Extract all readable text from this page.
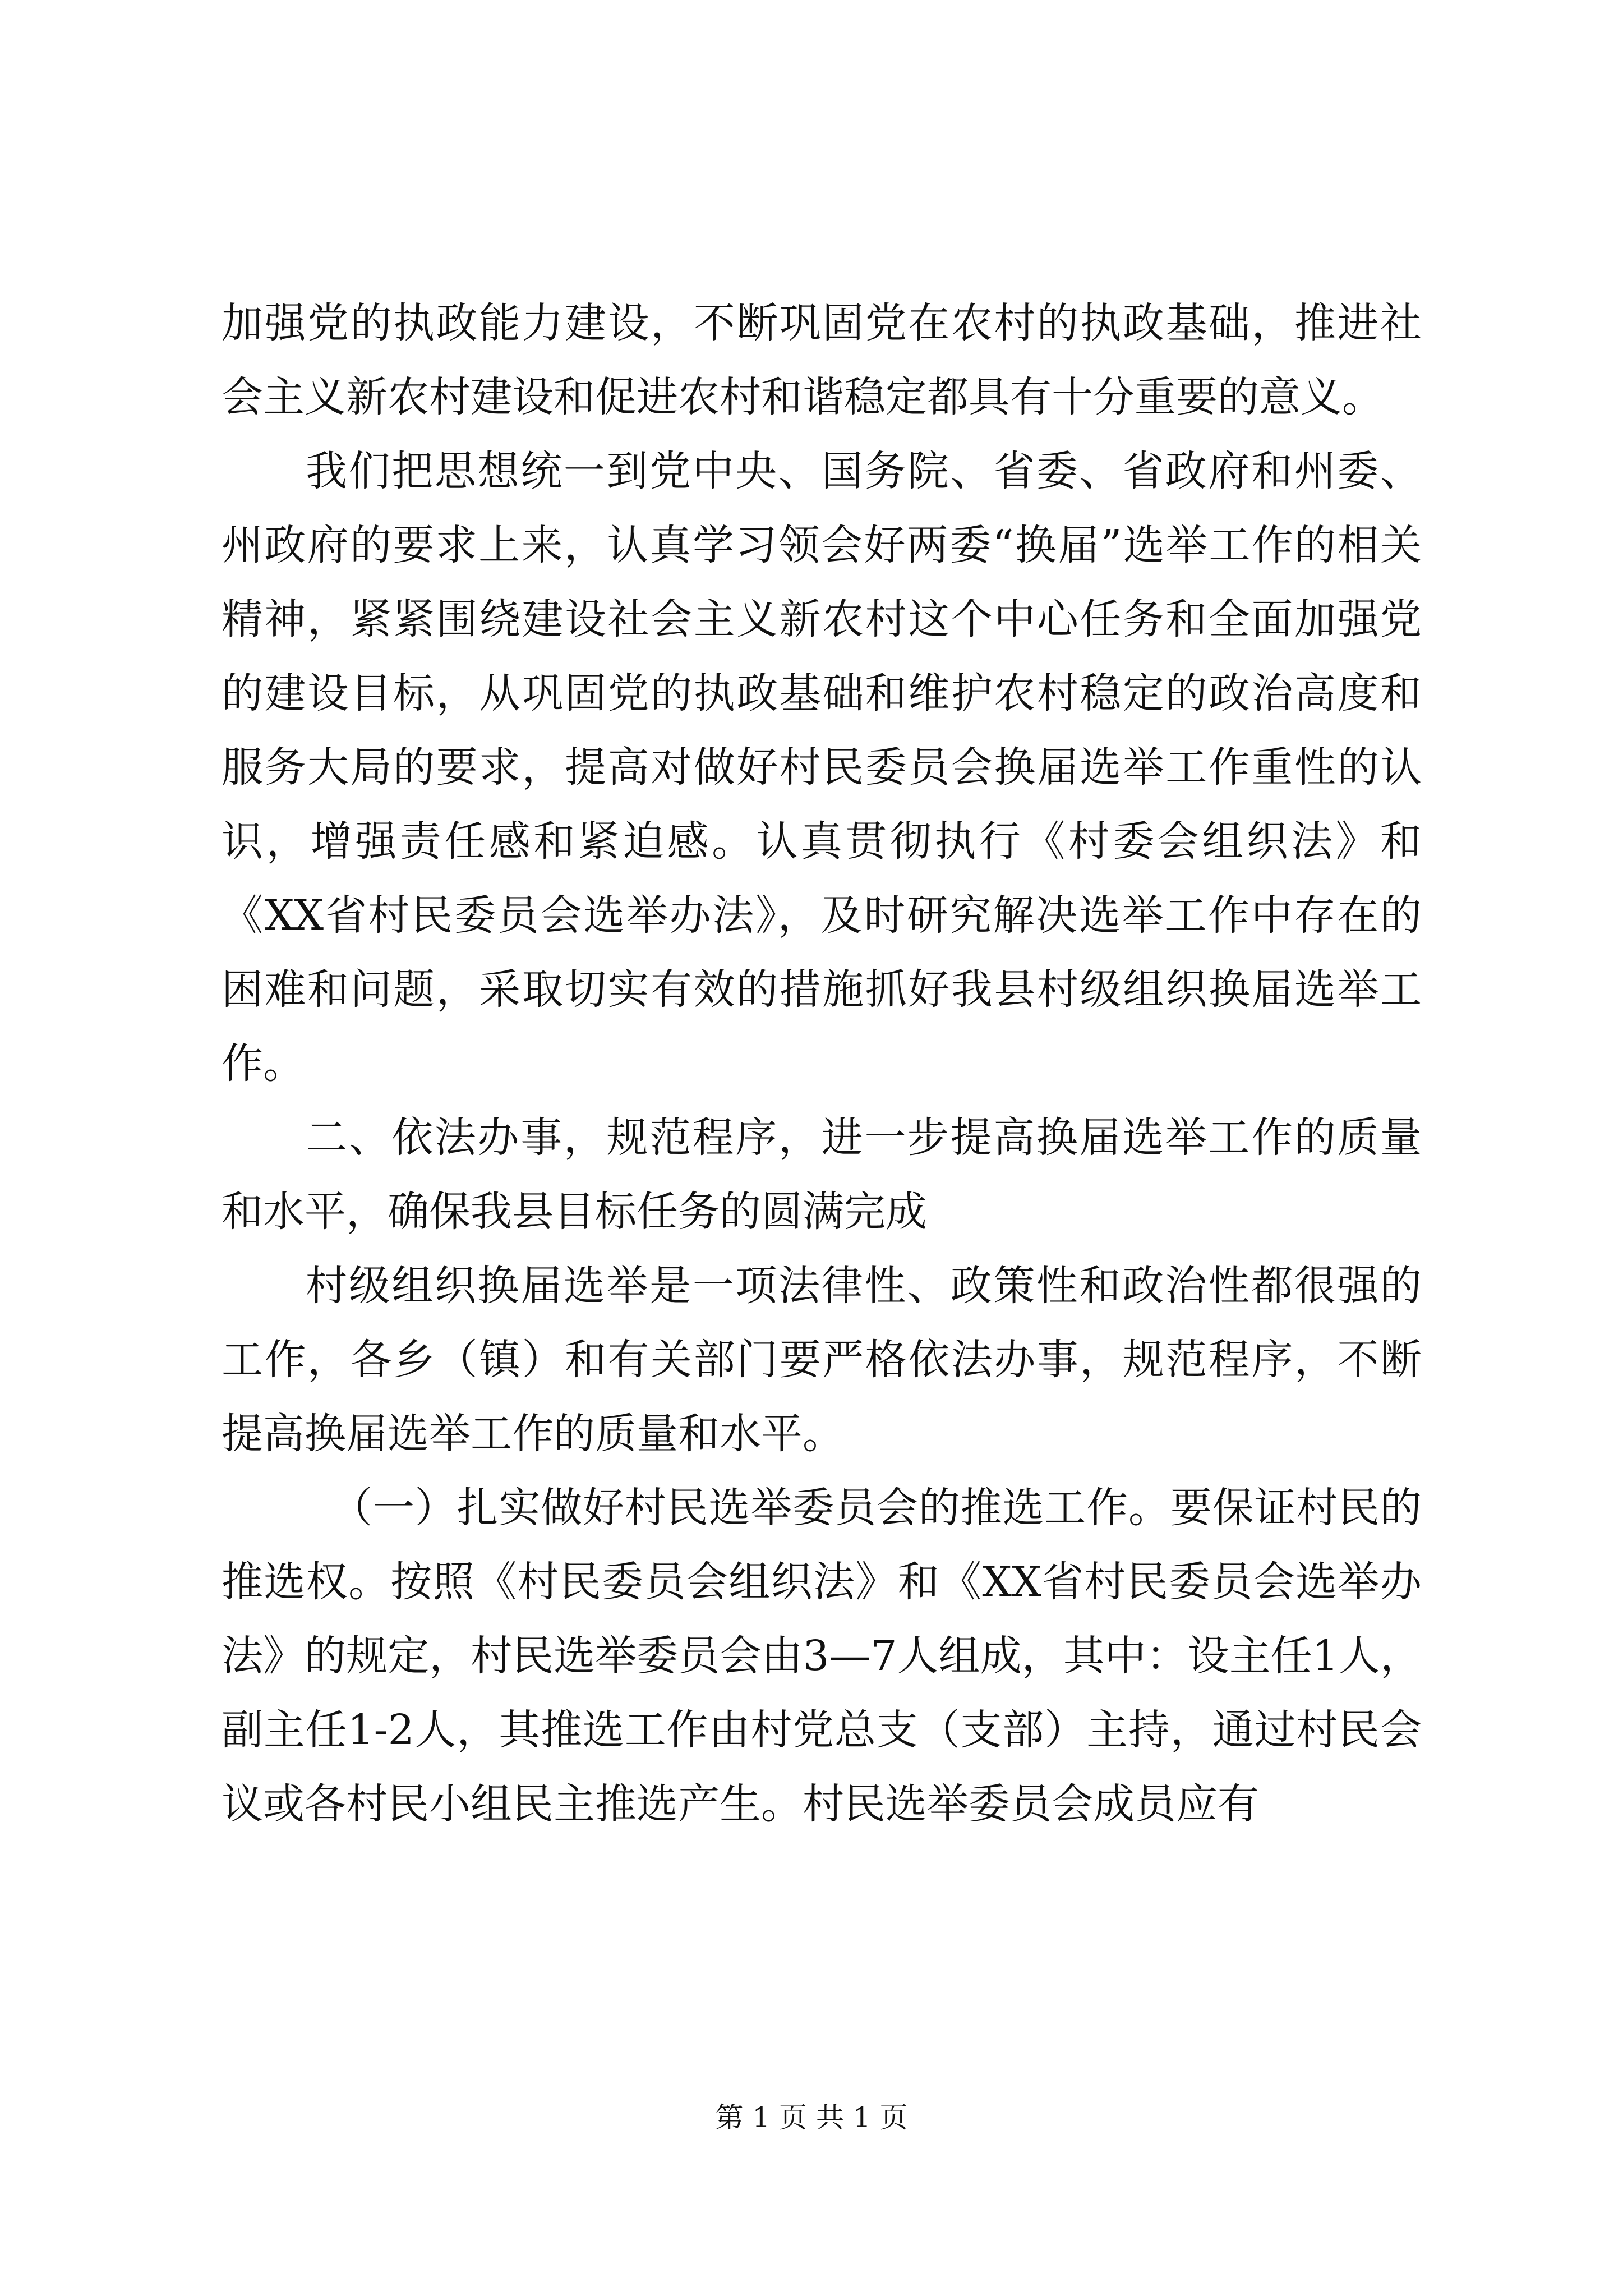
加强党的执政能力建设，不断巩固党在农村的执政基础，推进社会主义新农村建设和促进农村和谐稳定都具有十分重要的意义。

我们把思想统一到党中央、国务院、省委、省政府和州委、州政府的要求上来，认真学习领会好两委“换届”选举工作的相关精神，紧紧围绕建设社会主义新农村这个中心任务和全面加强党的建设目标，从巩固党的执政基础和维护农村稳定的政治高度和服务大局的要求，提高对做好村民委员会换届选举工作重性的认识，增强责任感和紧迫感。认真贯彻执行《村委会组织法》和《XX省村民委员会选举办法》，及时研究解决选举工作中存在的困难和问题，采取切实有效的措施抓好我县村级组织换届选举工作。

二、依法办事，规范程序，进一步提高换届选举工作的质量和水平，确保我县目标任务的圆满完成

村级组织换届选举是一项法律性、政策性和政治性都很强的工作，各乡（镇）和有关部门要严格依法办事，规范程序，不断提高换届选举工作的质量和水平。

（一）扎实做好村民选举委员会的推选工作。要保证村民的推选权。按照《村民委员会组织法》和《XX省村民委员会选举办法》的规定，村民选举委员会由3—7人组成，其中：设主任1人，副主任1-2人，其推选工作由村党总支（支部）主持，通过村民会议或各村民小组民主推选产生。村民选举委员会成员应有

第 1 页 共 1 页
